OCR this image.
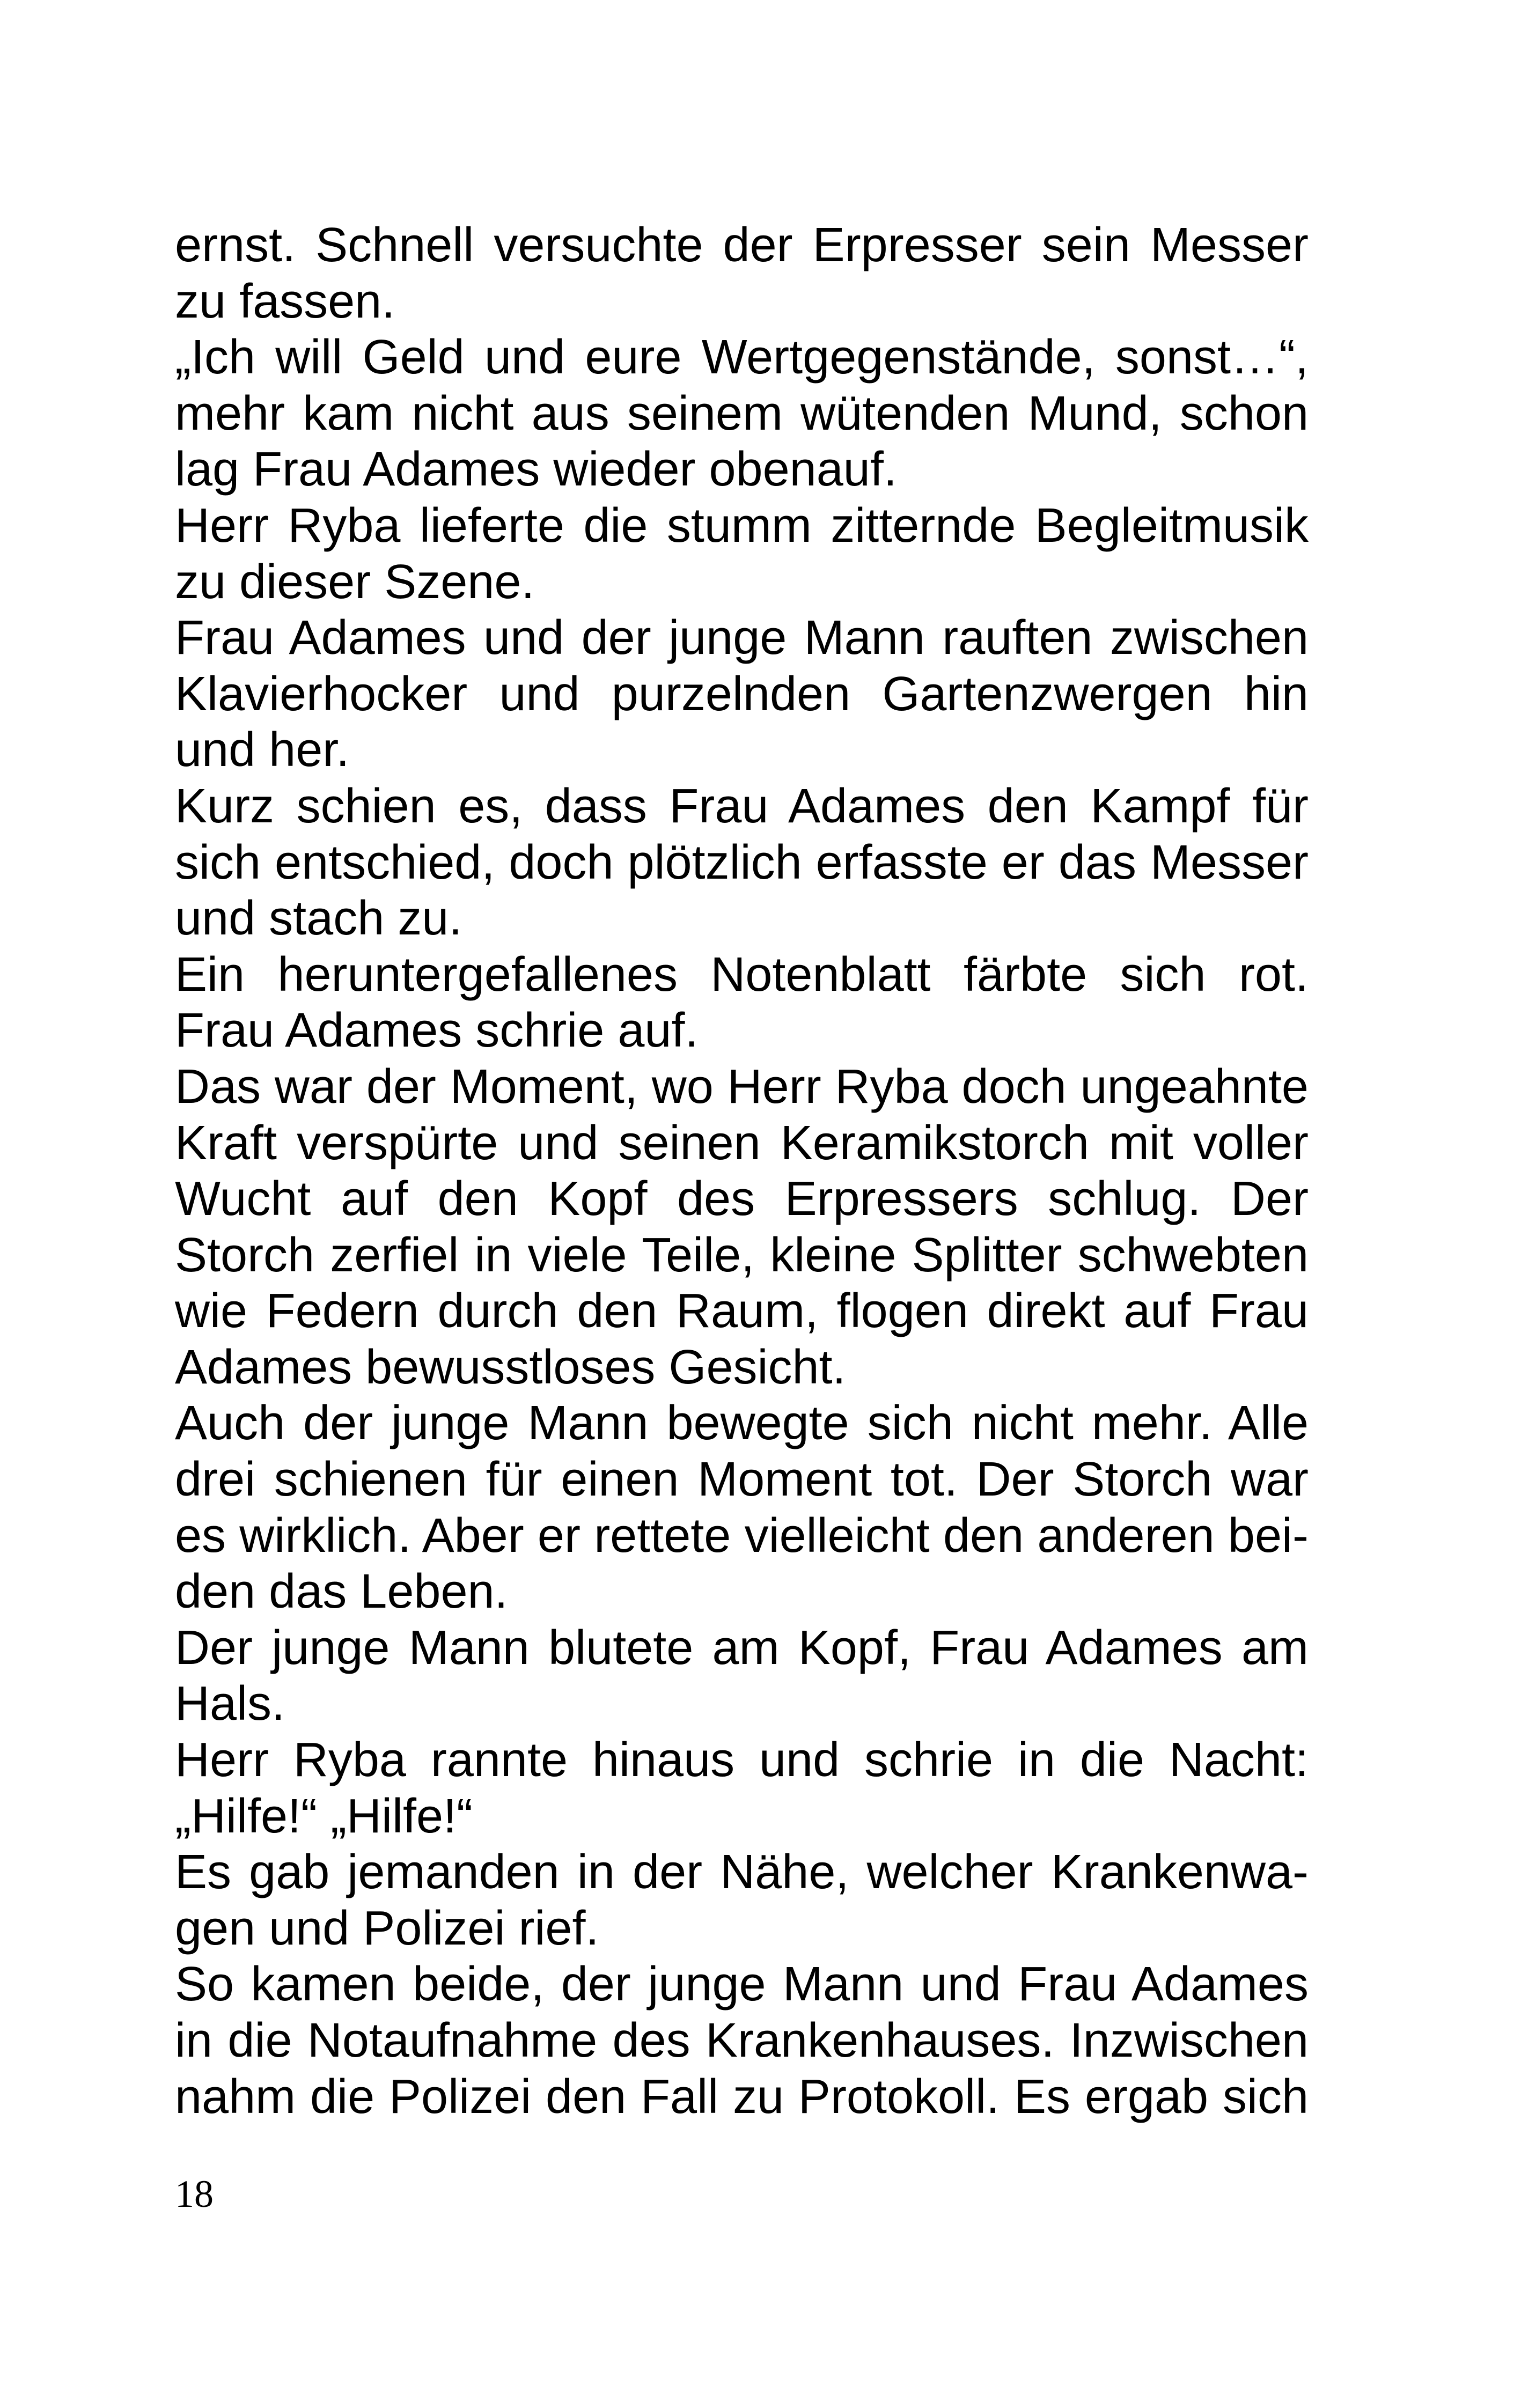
ernst. Schnell versuchte der Erpresser sein Messer
zu fassen.
„Ich will Geld und eure Wertgegenstände, sonst…“,
mehr kam nicht aus seinem wütenden Mund, schon
lag Frau Adames wieder obenauf.
Herr Ryba lieferte die stumm zitternde Begleitmusik
zu dieser Szene.
Frau Adames und der junge Mann rauften zwischen
Klavierhocker und purzelnden Gartenzwergen hin
und her.
Kurz schien es, dass Frau Adames den Kampf für
sich entschied, doch plötzlich erfasste er das Messer
und stach zu.
Ein heruntergefallenes Notenblatt färbte sich rot.
Frau Adames schrie auf.
Das war der Moment, wo Herr Ryba doch ungeahnte
Kraft verspürte und seinen Keramikstorch mit voller
Wucht auf den Kopf des Erpressers schlug. Der
Storch zerfiel in viele Teile, kleine Splitter schwebten
wie Federn durch den Raum, flogen direkt auf Frau
Adames bewusstloses Gesicht.
Auch der junge Mann bewegte sich nicht mehr. Alle
drei schienen für einen Moment tot. Der Storch war
es wirklich. Aber er rettete vielleicht den anderen bei-
den das Leben.
Der junge Mann blutete am Kopf, Frau Adames am
Hals.
Herr Ryba rannte hinaus und schrie in die Nacht:
„Hilfe!“ „Hilfe!“
Es gab jemanden in der Nähe, welcher Krankenwa-
gen und Polizei rief.
So kamen beide, der junge Mann und Frau Adames
in die Notaufnahme des Krankenhauses. Inzwischen
nahm die Polizei den Fall zu Protokoll. Es ergab sich
18
